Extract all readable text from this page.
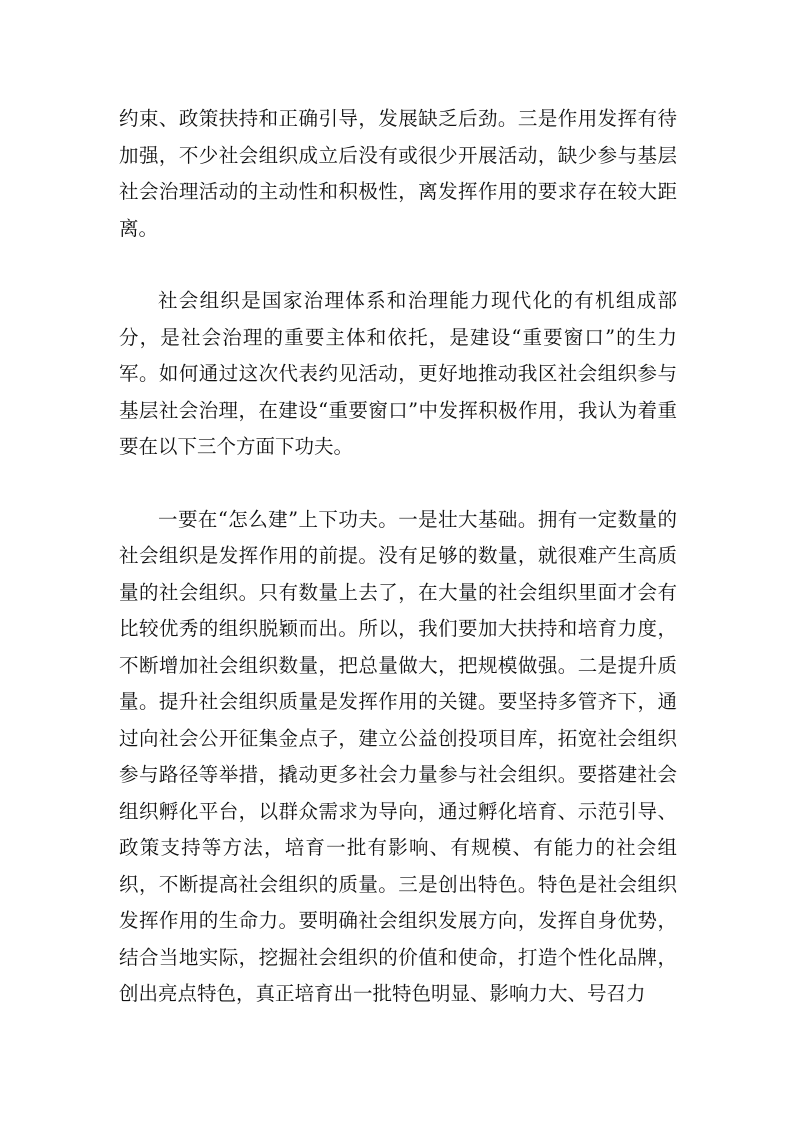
约束、政策扶持和正确引导，发展缺乏后劲。三是作用发挥有待加强，不少社会组织成立后没有或很少开展活动，缺少参与基层社会治理活动的主动性和积极性，离发挥作用的要求存在较大距离。

社会组织是国家治理体系和治理能力现代化的有机组成部分，是社会治理的重要主体和依托，是建设“重要窗口”的生力军。如何通过这次代表约见活动，更好地推动我区社会组织参与基层社会治理，在建设“重要窗口”中发挥积极作用，我认为着重要在以下三个方面下功夫。

一要在“怎么建”上下功夫。一是壮大基础。拥有一定数量的社会组织是发挥作用的前提。没有足够的数量，就很难产生高质量的社会组织。只有数量上去了，在大量的社会组织里面才会有比较优秀的组织脱颖而出。所以，我们要加大扶持和培育力度，不断增加社会组织数量，把总量做大，把规模做强。二是提升质量。提升社会组织质量是发挥作用的关键。要坚持多管齐下，通过向社会公开征集金点子，建立公益创投项目库，拓宽社会组织参与路径等举措，撬动更多社会力量参与社会组织。要搭建社会组织孵化平台，以群众需求为导向，通过孵化培育、示范引导、政策支持等方法，培育一批有影响、有规模、有能力的社会组织，不断提高社会组织的质量。三是创出特色。特色是社会组织发挥作用的生命力。要明确社会组织发展方向，发挥自身优势，结合当地实际，挖掘社会组织的价值和使命，打造个性化品牌，创出亮点特色，真正培育出一批特色明显、影响力大、号召力
